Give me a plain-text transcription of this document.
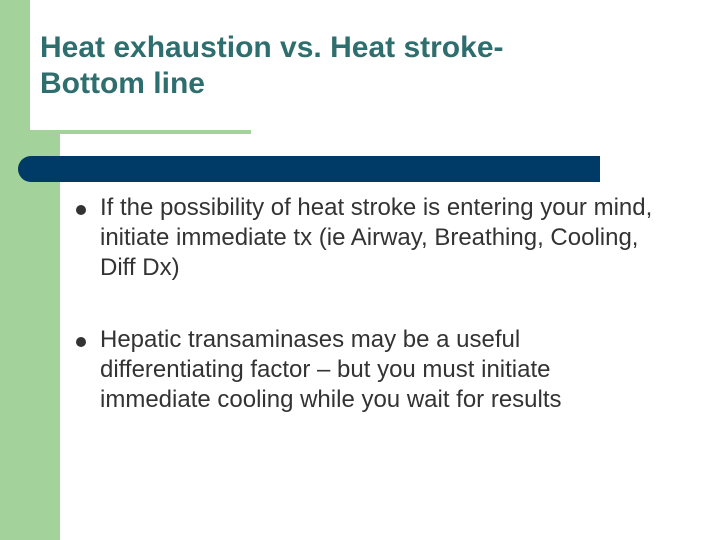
Heat exhaustion vs. Heat stroke-
Bottom line
If the possibility of heat stroke is entering your mind, initiate immediate tx (ie Airway, Breathing, Cooling, Diff Dx)
Hepatic transaminases may be a useful differentiating factor – but you must initiate immediate cooling while you wait for results
